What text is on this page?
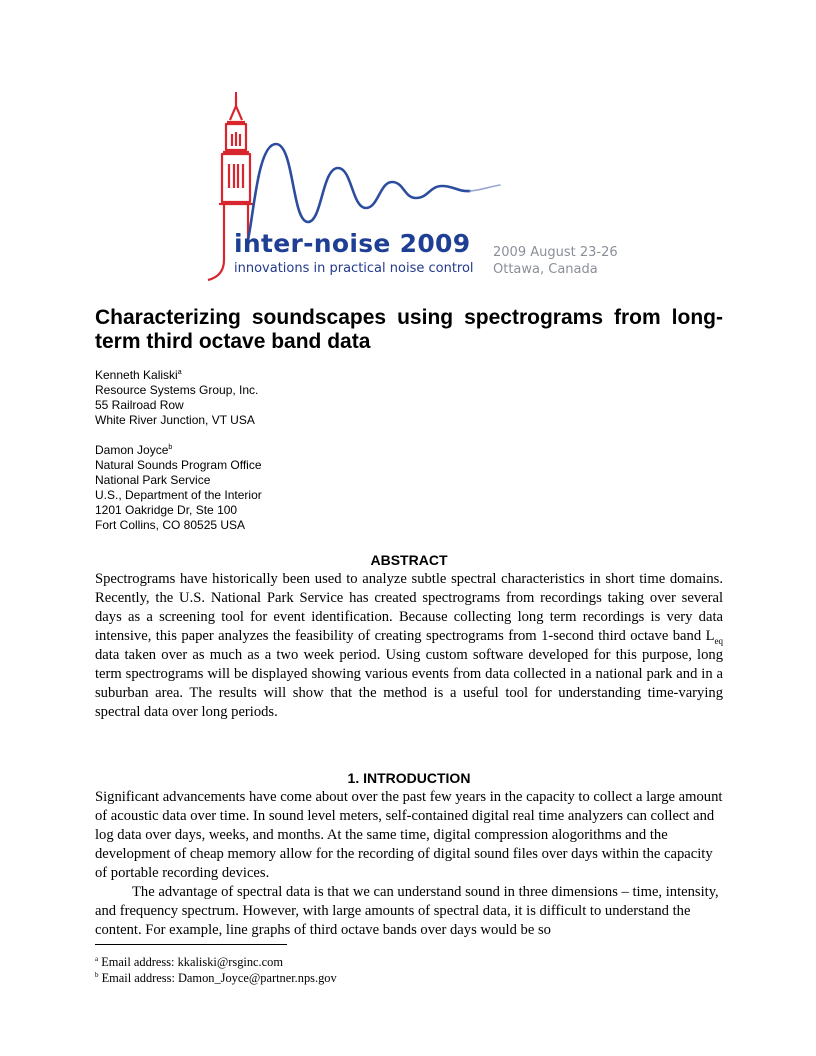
inter-noise 2009
innovations in practical noise control
2009 August 23-26
Ottawa, Canada
Characterizing soundscapes using spectrograms from long-term third octave band data
Kenneth Kaliski$^a$
Resource Systems Group, Inc.
55 Railroad Row
White River Junction, VT USA
Damon Joyce$^b$
Natural Sounds Program Office
National Park Service
U.S., Department of the Interior
1201 Oakridge Dr, Ste 100
Fort Collins, CO 80525 USA
ABSTRACT

Spectrograms have historically been used to analyze subtle spectral characteristics in short time domains. Recently, the U.S. National Park Service has created spectrograms from recordings taking over several days as a screening tool for event identification. Because collecting long term recordings is very data intensive, this paper analyzes the feasibility of creating spectrograms from 1-second third octave band $L_{eq}$ data taken over as much as a two week period. Using custom software developed for this purpose, long term spectrograms will be displayed showing various events from data collected in a national park and in a suburban area. The results will show that the method is a useful tool for understanding time-varying spectral data over long periods.

1. INTRODUCTION

Significant advancements have come about over the past few years in the capacity to collect a large amount of acoustic data over time. In sound level meters, self-contained digital real time analyzers can collect and log data over days, weeks, and months. At the same time, digital compression alogorithms and the development of cheap memory allow for the recording of digital sound files over days within the capacity of portable recording devices.

The advantage of spectral data is that we can understand sound in three dimensions – time, intensity, and frequency spectrum. However, with large amounts of spectral data, it is difficult to understand the content. For example, line graphs of third octave bands over days would be so

$^a$ Email address: kkaliski@rsginc.com
$^b$ Email address: Damon_Joyce@partner.nps.gov
